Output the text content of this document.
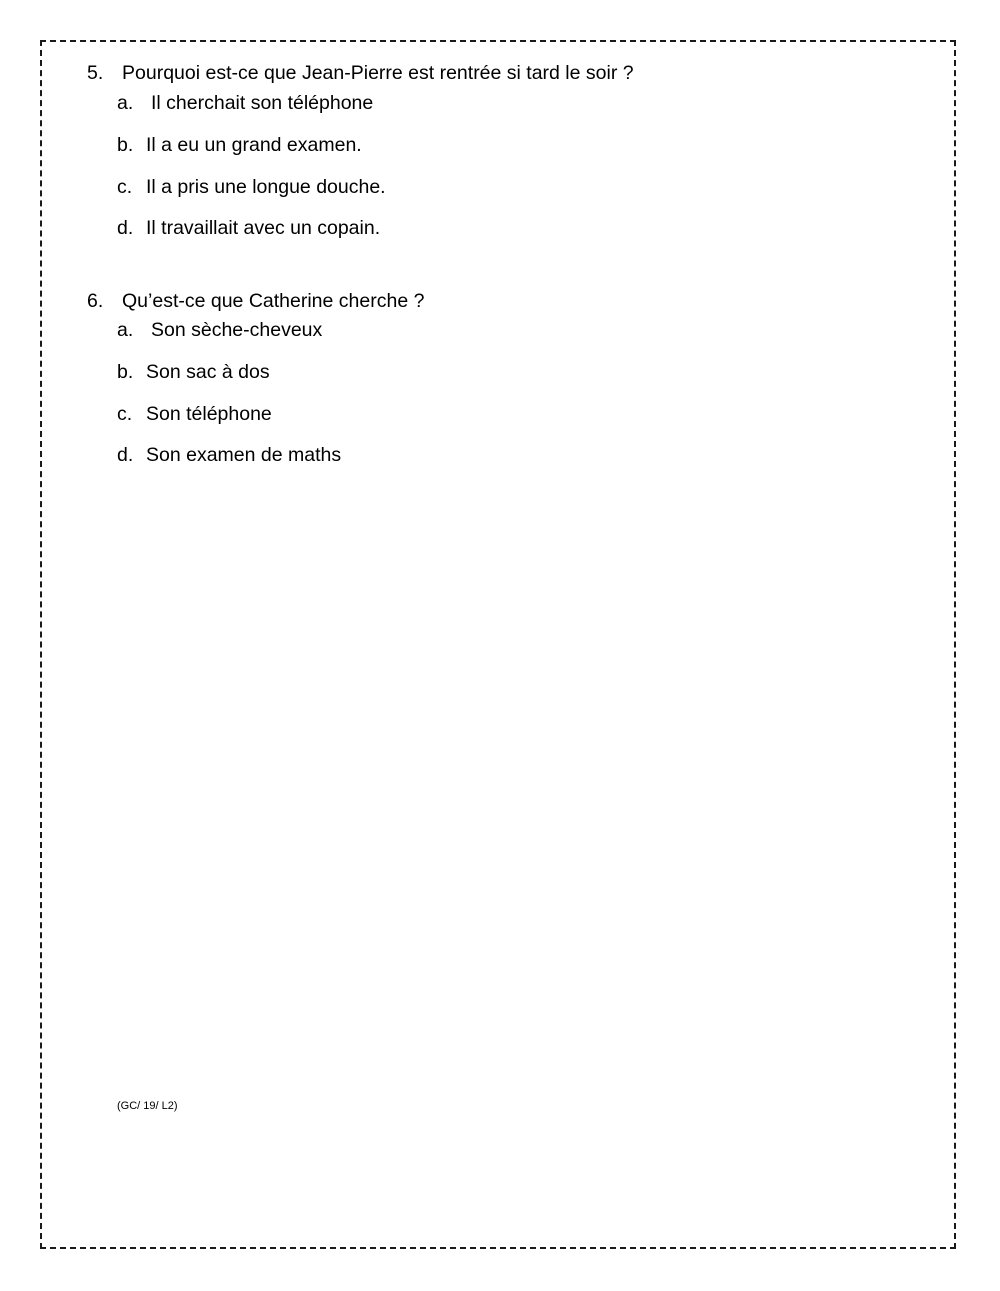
5. Pourquoi est-ce que Jean-Pierre est rentrée si tard le soir ?
a. Il cherchait son téléphone
b. Il a eu un grand examen.
c. Il a pris une longue douche.
d. Il travaillait avec un copain.
6. Qu’est-ce que Catherine cherche ?
a. Son sèche-cheveux
b. Son sac à dos
c. Son téléphone
d. Son examen de maths
(GC/ 19/ L2)
